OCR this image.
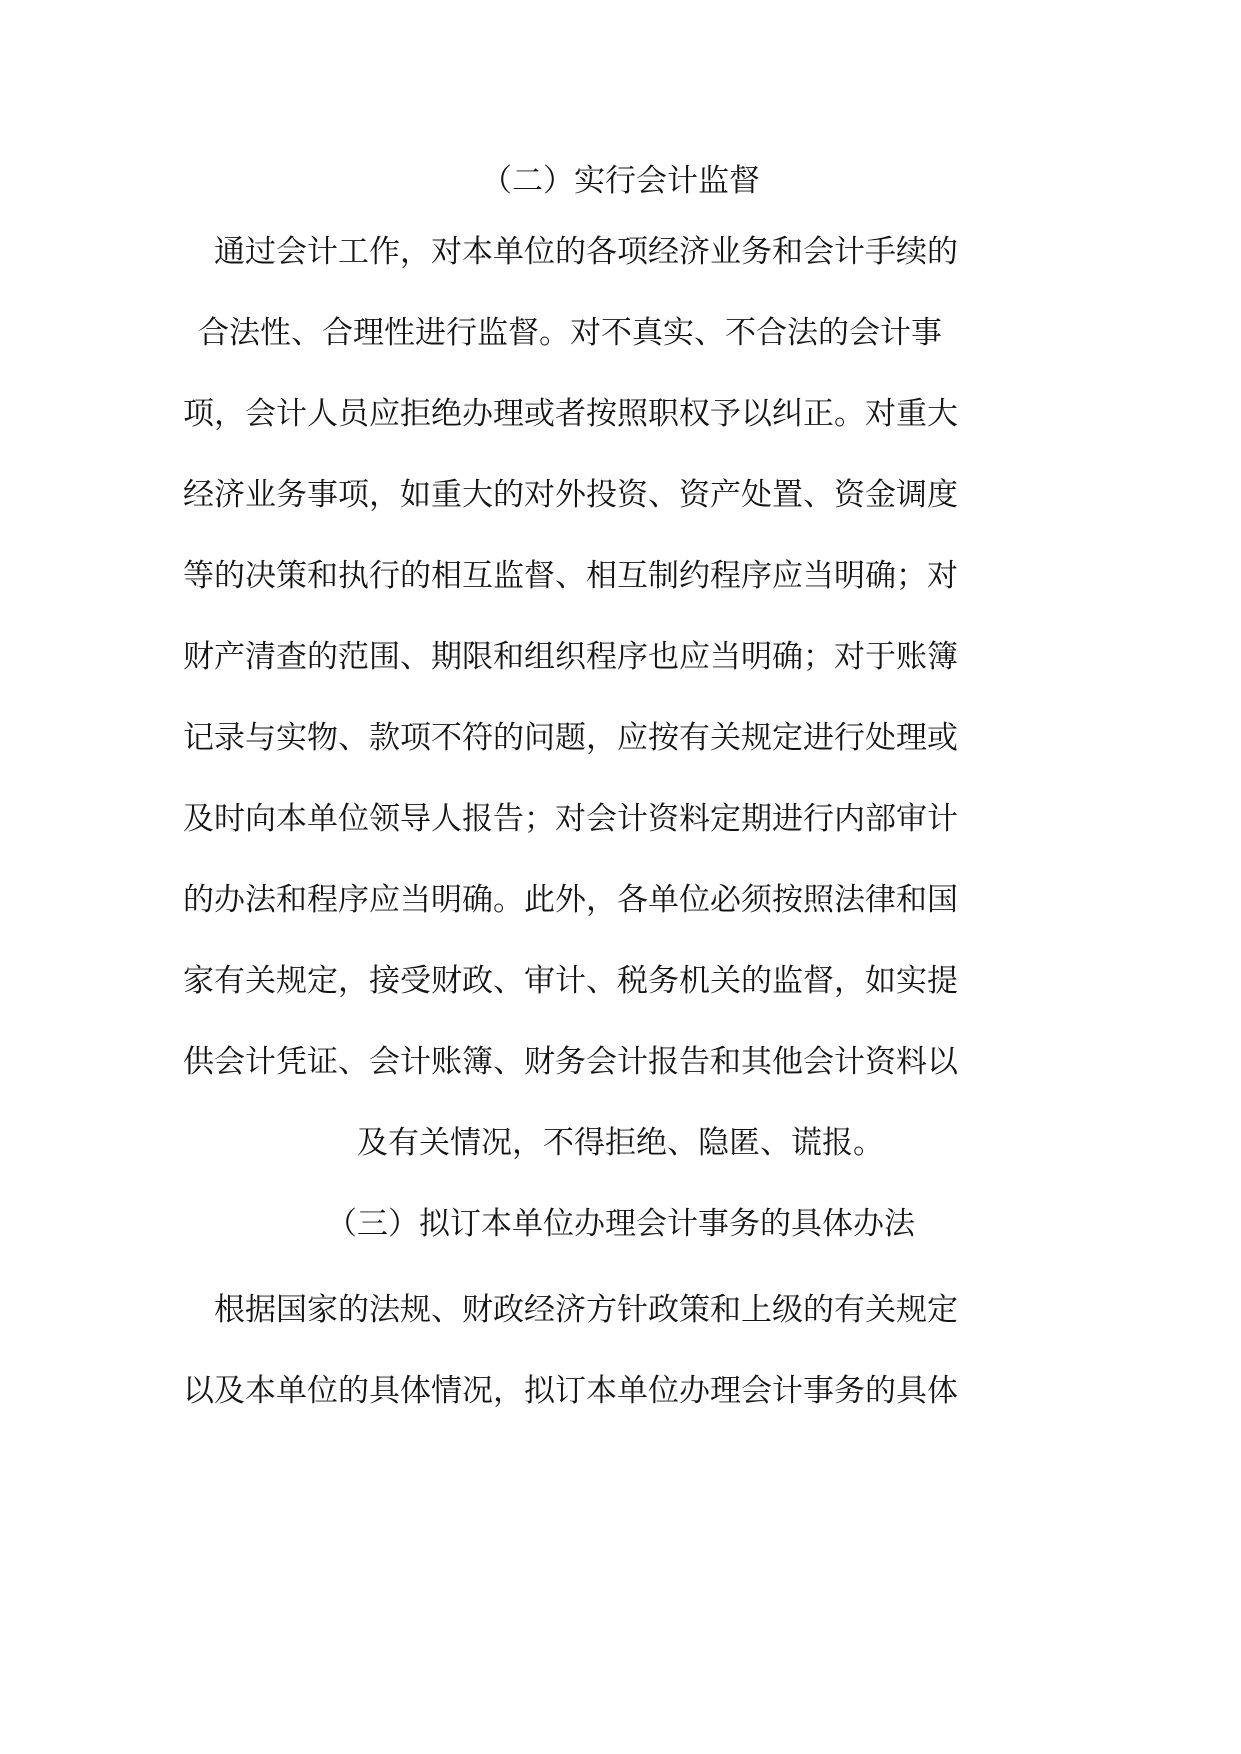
（二）实行会计监督
通过会计工作，对本单位的各项经济业务和会计手续的
合法性、合理性进行监督。对不真实、不合法的会计事
项，会计人员应拒绝办理或者按照职权予以纠正。对重大
经济业务事项，如重大的对外投资、资产处置、资金调度
等的决策和执行的相互监督、相互制约程序应当明确；对
财产清查的范围、期限和组织程序也应当明确；对于账簿
记录与实物、款项不符的问题，应按有关规定进行处理或
及时向本单位领导人报告；对会计资料定期进行内部审计
的办法和程序应当明确。此外，各单位必须按照法律和国
家有关规定，接受财政、审计、税务机关的监督，如实提
供会计凭证、会计账簿、财务会计报告和其他会计资料以
及有关情况，不得拒绝、隐匿、谎报。
（三）拟订本单位办理会计事务的具体办法
根据国家的法规、财政经济方针政策和上级的有关规定
以及本单位的具体情况，拟订本单位办理会计事务的具体
